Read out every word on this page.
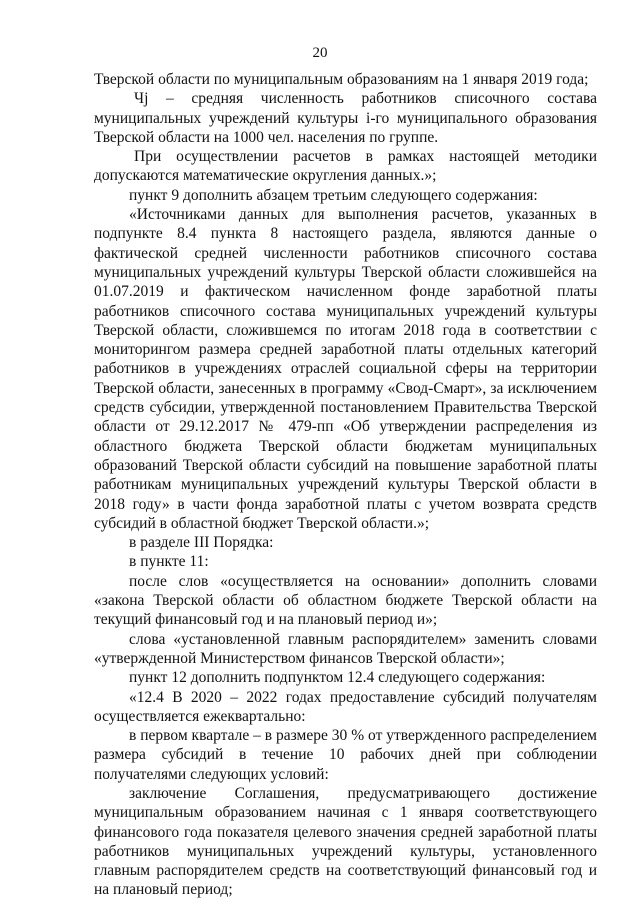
20

Тверской области по муниципальным образованиям на 1 января 2019 года;

Чj – средняя численность работников списочного состава муниципальных учреждений культуры i-го муниципального образования Тверской области на 1000 чел. населения по группе.

При осуществлении расчетов в рамках настоящей методики допускаются математические округления данных.»;

пункт 9 дополнить абзацем третьим следующего содержания:

«Источниками данных для выполнения расчетов, указанных в подпункте 8.4 пункта 8 настоящего раздела, являются данные о фактической средней численности работников списочного состава муниципальных учреждений культуры Тверской области сложившейся на 01.07.2019 и фактическом начисленном фонде заработной платы работников списочного состава муниципальных учреждений культуры Тверской области, сложившемся по итогам 2018 года в соответствии с мониторингом размера средней заработной платы отдельных категорий работников в учреждениях отраслей социальной сферы на территории Тверской области, занесенных в программу «Свод-Смарт», за исключением средств субсидии, утвержденной постановлением Правительства Тверской области от 29.12.2017 № 479-пп «Об утверждении распределения из областного бюджета Тверской области бюджетам муниципальных образований Тверской области субсидий на повышение заработной платы работникам муниципальных учреждений культуры Тверской области в 2018 году» в части фонда заработной платы с учетом возврата средств субсидий в областной бюджет Тверской области.»;

в разделе III Порядка:

в пункте 11:

после слов «осуществляется на основании» дополнить словами «закона Тверской области об областном бюджете Тверской области на текущий финансовый год и на плановый период и»;

слова «установленной главным распорядителем» заменить словами «утвержденной Министерством финансов Тверской области»;

пункт 12 дополнить подпунктом 12.4 следующего содержания:

«12.4 В 2020 – 2022 годах предоставление субсидий получателям осуществляется ежеквартально:

в первом квартале – в размере 30 % от утвержденного распределением размера субсидий в течение 10 рабочих дней при соблюдении получателями следующих условий:

заключение Соглашения, предусматривающего достижение муниципальным образованием начиная с 1 января соответствующего финансового года показателя целевого значения средней заработной платы работников муниципальных учреждений культуры, установленного главным распорядителем средств на соответствующий финансовый год и на плановый период;
